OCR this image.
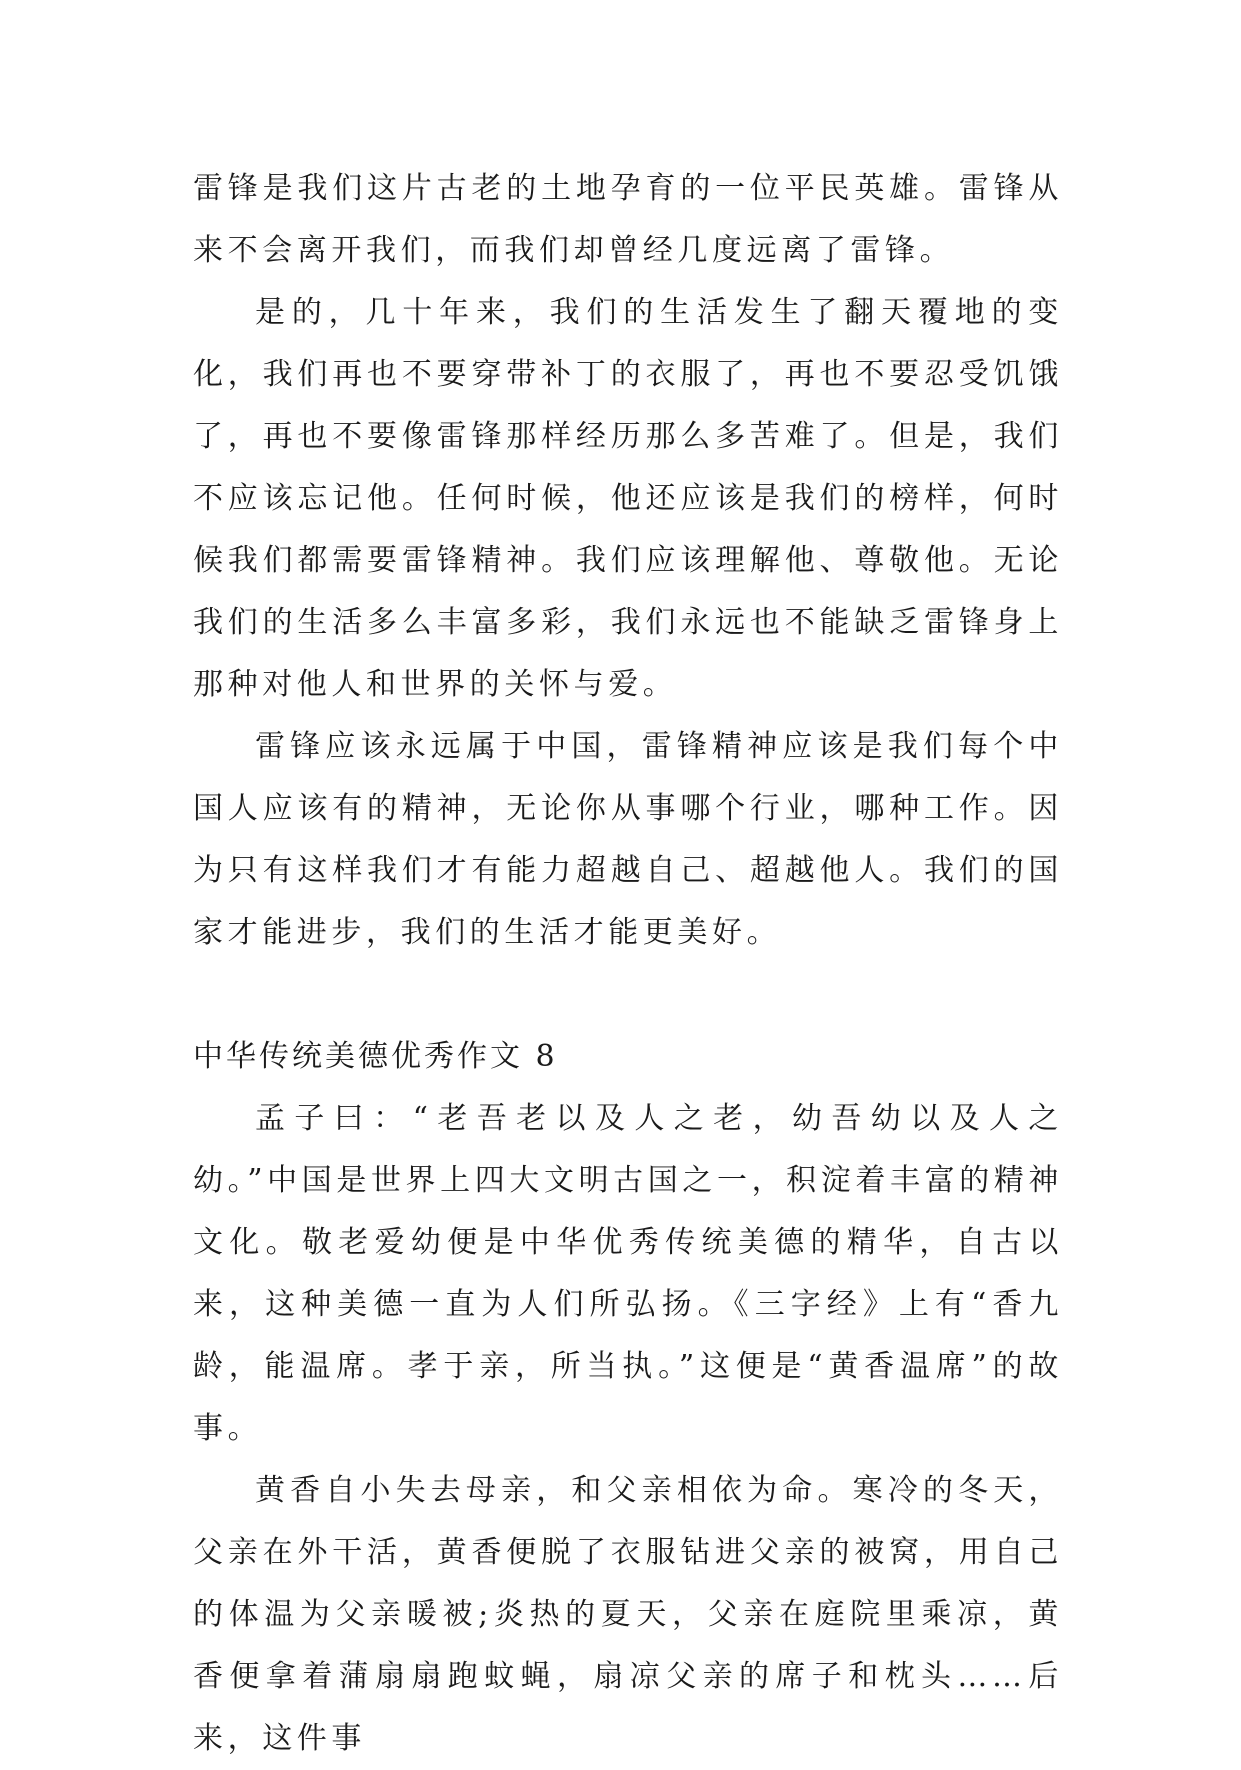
雷锋是我们这片古老的土地孕育的一位平民英雄。雷锋从来不会离开我们，而我们却曾经几度远离了雷锋。

是的，几十年来，我们的生活发生了翻天覆地的变化，我们再也不要穿带补丁的衣服了，再也不要忍受饥饿了，再也不要像雷锋那样经历那么多苦难了。但是，我们不应该忘记他。任何时候，他还应该是我们的榜样，何时候我们都需要雷锋精神。我们应该理解他、尊敬他。无论我们的生活多么丰富多彩，我们永远也不能缺乏雷锋身上那种对他人和世界的关怀与爱。

雷锋应该永远属于中国，雷锋精神应该是我们每个中国人应该有的精神，无论你从事哪个行业，哪种工作。因为只有这样我们才有能力超越自己、超越他人。我们的国家才能进步，我们的生活才能更美好。

中华传统美德优秀作文 8

孟子曰：“老吾老以及人之老，幼吾幼以及人之幼。”中国是世界上四大文明古国之一，积淀着丰富的精神文化。敬老爱幼便是中华优秀传统美德的精华，自古以来，这种美德一直为人们所弘扬。《三字经》上有“香九龄，能温席。孝于亲，所当执。”这便是“黄香温席”的故事。

黄香自小失去母亲，和父亲相依为命。寒冷的冬天，父亲在外干活，黄香便脱了衣服钻进父亲的被窝，用自己的体温为父亲暖被;炎热的夏天，父亲在庭院里乘凉，黄香便拿着蒲扇扇跑蚊蝇，扇凉父亲的席子和枕头……后来，这件事
